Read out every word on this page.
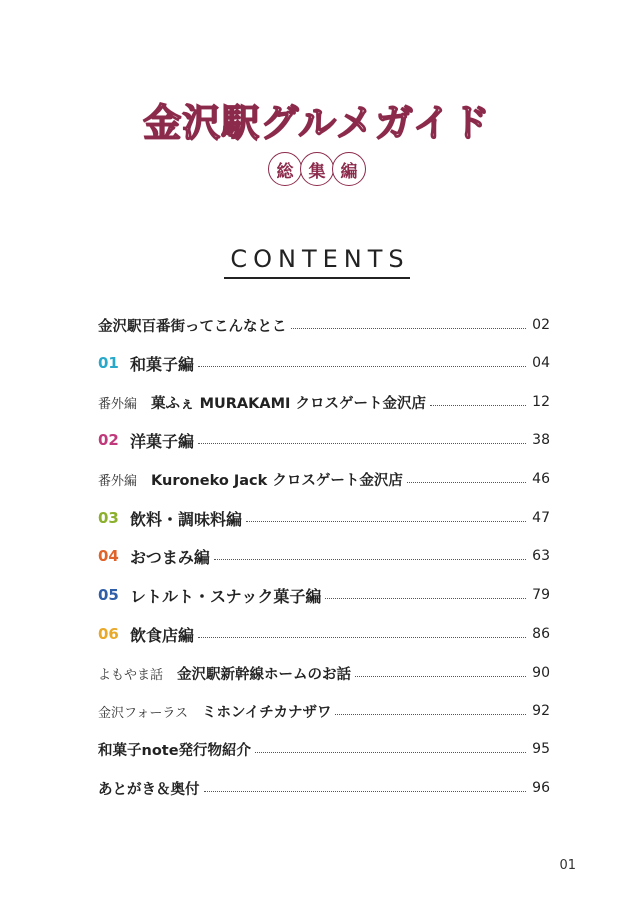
金沢駅グルメガイド
総 集 編
CONTENTS
金沢駅百番街ってこんなとこ	02
01 和菓子編	04
番外編 菓ふぇ MURAKAMI クロスゲート金沢店	12
02 洋菓子編	38
番外編 Kuroneko Jack クロスゲート金沢店	46
03 飲料・調味料編	47
04 おつまみ編	63
05 レトルト・スナック菓子編	79
06 飲食店編	86
よもやま話 金沢駅新幹線ホームのお話	90
金沢フォーラス ミホンイチカナザワ	92
和菓子note発行物紹介	95
あとがき＆奥付	96
01
